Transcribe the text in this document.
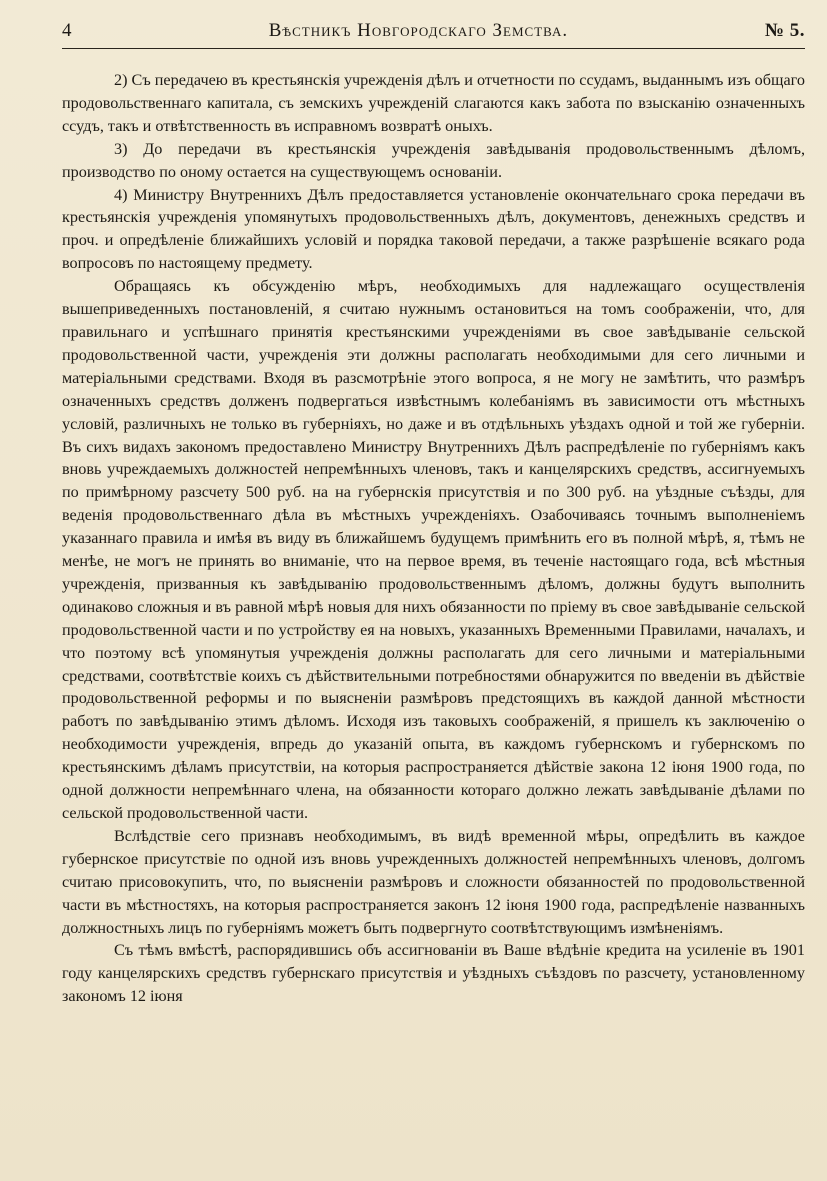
4	Вѣстникъ Новгородскаго Земства.	№ 5.

2) Съ передачею въ крестьянскія учрежденія дѣлъ и отчетности по ссудамъ, выданнымъ изъ общаго продовольственнаго капитала, съ земскихъ учрежденій слагаются какъ забота по взысканію означенныхъ ссудъ, такъ и отвѣтственность въ исправномъ возвратѣ оныхъ.

3) До передачи въ крестьянскія учрежденія завѣдыванія продовольственнымъ дѣломъ, производство по оному остается на существующемъ основаніи.

4) Министру Внутреннихъ Дѣлъ предоставляется установленіе окончательнаго срока передачи въ крестьянскія учрежденія упомянутыхъ продовольственныхъ дѣлъ, документовъ, денежныхъ средствъ и проч. и опредѣленіе ближайшихъ условій и порядка таковой передачи, а также разрѣшеніе всякаго рода вопросовъ по настоящему предмету.

Обращаясь къ обсужденію мѣръ, необходимыхъ для надлежащаго осуществленія вышеприведенныхъ постановленій, я считаю нужнымъ остановиться на томъ соображеніи, что, для правильнаго и успѣшнаго принятія крестьянскими учрежденіями въ свое завѣдываніе сельской продовольственной части, учрежденія эти должны располагать необходимыми для сего личными и матеріальными средствами. Входя въ разсмотрѣніе этого вопроса, я не могу не замѣтить, что размѣръ означенныхъ средствъ долженъ подвергаться извѣстнымъ колебаніямъ въ зависимости отъ мѣстныхъ условій, различныхъ не только въ губерніяхъ, но даже и въ отдѣльныхъ уѣздахъ одной и той же губерніи. Въ сихъ видахъ закономъ предоставлено Министру Внутреннихъ Дѣлъ распредѣленіе по губерніямъ какъ вновь учреждаемыхъ должностей непремѣнныхъ членовъ, такъ и канцелярскихъ средствъ, ассигнуемыхъ по примѣрному разсчету 500 руб. на на губернскія присутствія и по 300 руб. на уѣздные съѣзды, для веденія продовольственнаго дѣла въ мѣстныхъ учрежденіяхъ. Озабочиваясь точнымъ выполненіемъ указаннаго правила и имѣя въ виду въ ближайшемъ будущемъ примѣнить его въ полной мѣрѣ, я, тѣмъ не менѣе, не могъ не принять во вниманіе, что на первое время, въ теченіе настоящаго года, всѣ мѣстныя учрежденія, призванныя къ завѣдыванію продовольственнымъ дѣломъ, должны будутъ выполнить одинаково сложныя и въ равной мѣрѣ новыя для нихъ обязанности по пріему въ свое завѣдываніе сельской продовольственной части и по устройству ея на новыхъ, указанныхъ Временными Правилами, началахъ, и что поэтому всѣ упомянутыя учрежденія должны располагать для сего личными и матеріальными средствами, соотвѣтствіе коихъ съ дѣйствительными потребностями обнаружится по введеніи въ дѣйствіе продовольственной реформы и по выясненіи размѣровъ предстоящихъ въ каждой данной мѣстности работъ по завѣдыванію этимъ дѣломъ. Исходя изъ таковыхъ соображеній, я пришелъ къ заключенію о необходимости учрежденія, впредь до указаній опыта, въ каждомъ губернскомъ и губернскомъ по крестьянскимъ дѣламъ присутствіи, на которыя распространяется дѣйствіе закона 12 іюня 1900 года, по одной должности непремѣннаго члена, на обязанности котораго должно лежать завѣдываніе дѣлами по сельской продовольственной части.

Вслѣдствіе сего признавъ необходимымъ, въ видѣ временной мѣры, опредѣлить въ каждое губернское присутствіе по одной изъ вновь учрежденныхъ должностей непремѣнныхъ членовъ, долгомъ считаю присовокупить, что, по выясненіи размѣровъ и сложности обязанностей по продовольственной части въ мѣстностяхъ, на которыя распространяется законъ 12 іюня 1900 года, распредѣленіе названныхъ должностныхъ лицъ по губерніямъ можетъ быть подвергнуто соотвѣтствующимъ измѣненіямъ.

Съ тѣмъ вмѣстѣ, распорядившись объ ассигнованіи въ Ваше вѣдѣніе кредита на усиленіе въ 1901 году канцелярскихъ средствъ губернскаго присутствія и уѣздныхъ съѣздовъ по разсчету, установленному закономъ 12 іюня
